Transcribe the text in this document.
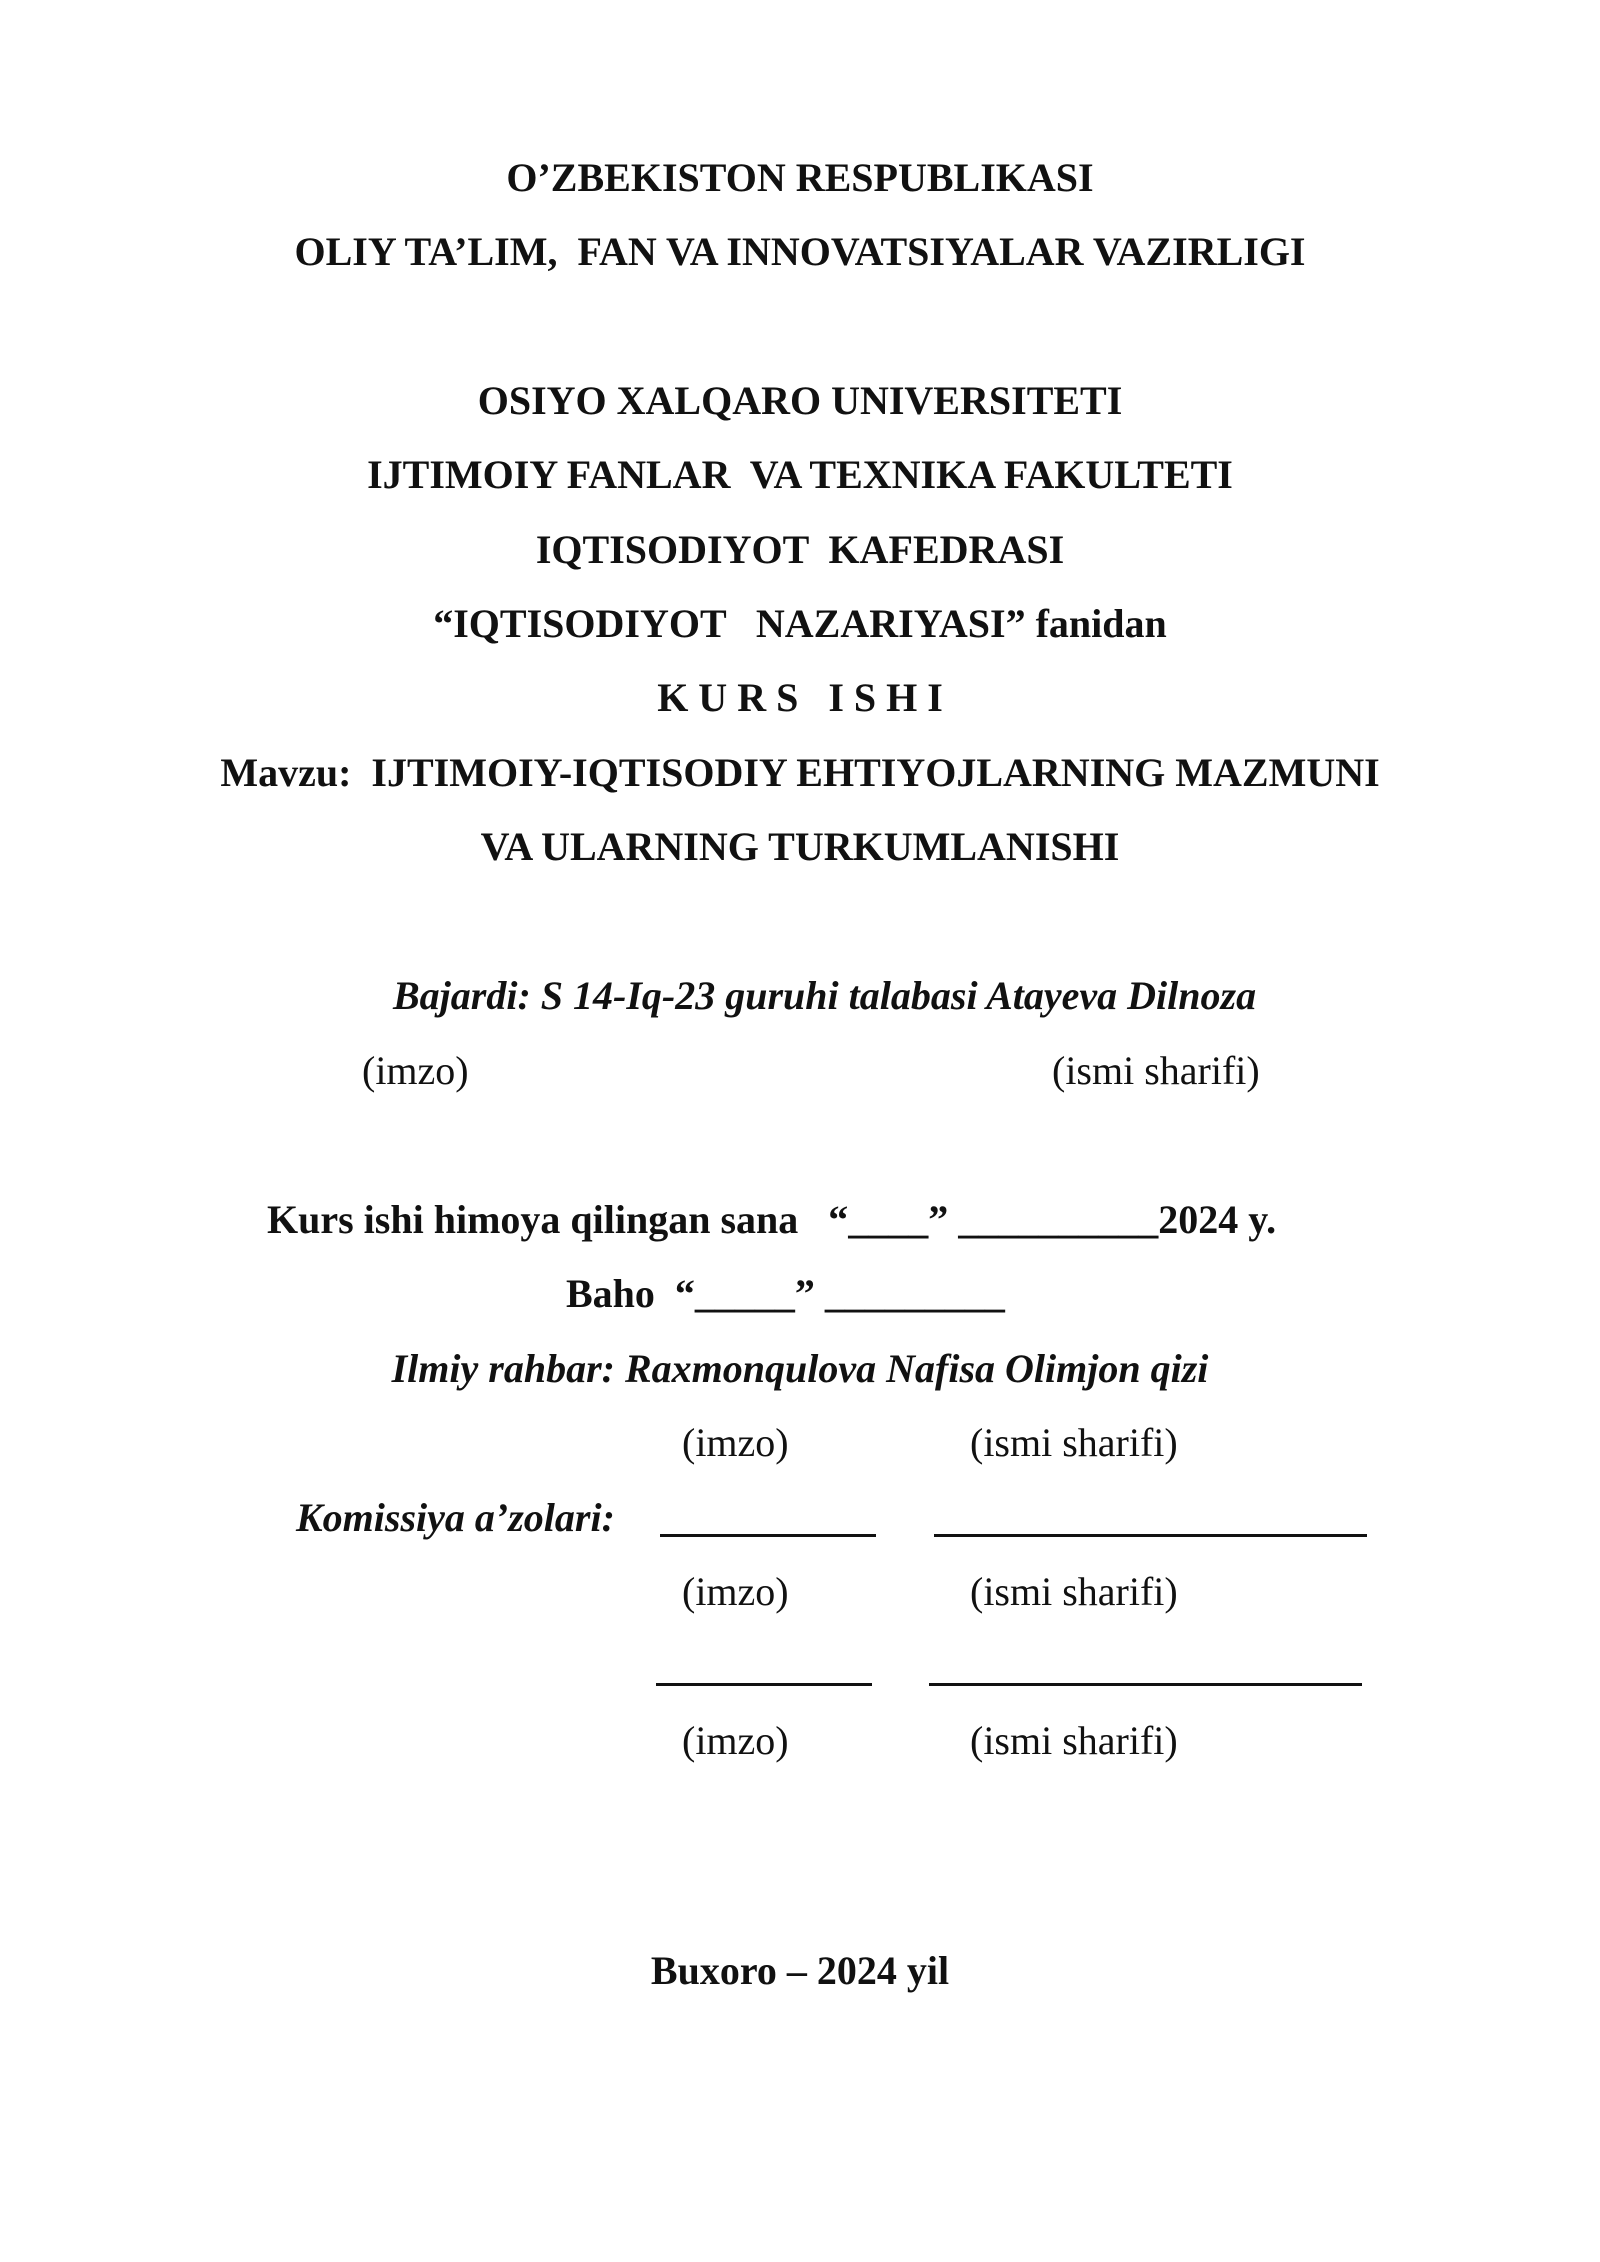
O’ZBEKISTON RESPUBLIKASI
OLIY TA’LIM,  FAN VA INNOVATSIYALAR VAZIRLIGI
OSIYO XALQARO UNIVERSITETI
IJTIMOIY FANLAR  VA TEXNIKA FAKULTETI
IQTISODIYOT  KAFEDRASI
“IQTISODIYOT   NAZARIYASI” fanidan
K U R S   I S H I
Mavzu:  IJTIMOIY-IQTISODIY EHTIYOJLARNING MAZMUNI
VA ULARNING TURKUMLANISHI
Bajardi: S 14-Iq-23 guruhi talabasi Atayeva Dilnoza
(imzo)	(ismi sharifi)
Kurs ishi himoya qilingan sana   “____” __________2024 y.
Baho  “_____” _________
Ilmiy rahbar: Raxmonqulova Nafisa Olimjon qizi
(imzo)	(ismi sharifi)
Komissiya a’zolari:
(imzo)	(ismi sharifi)
(imzo)	(ismi sharifi)
Buxoro – 2024 yil
